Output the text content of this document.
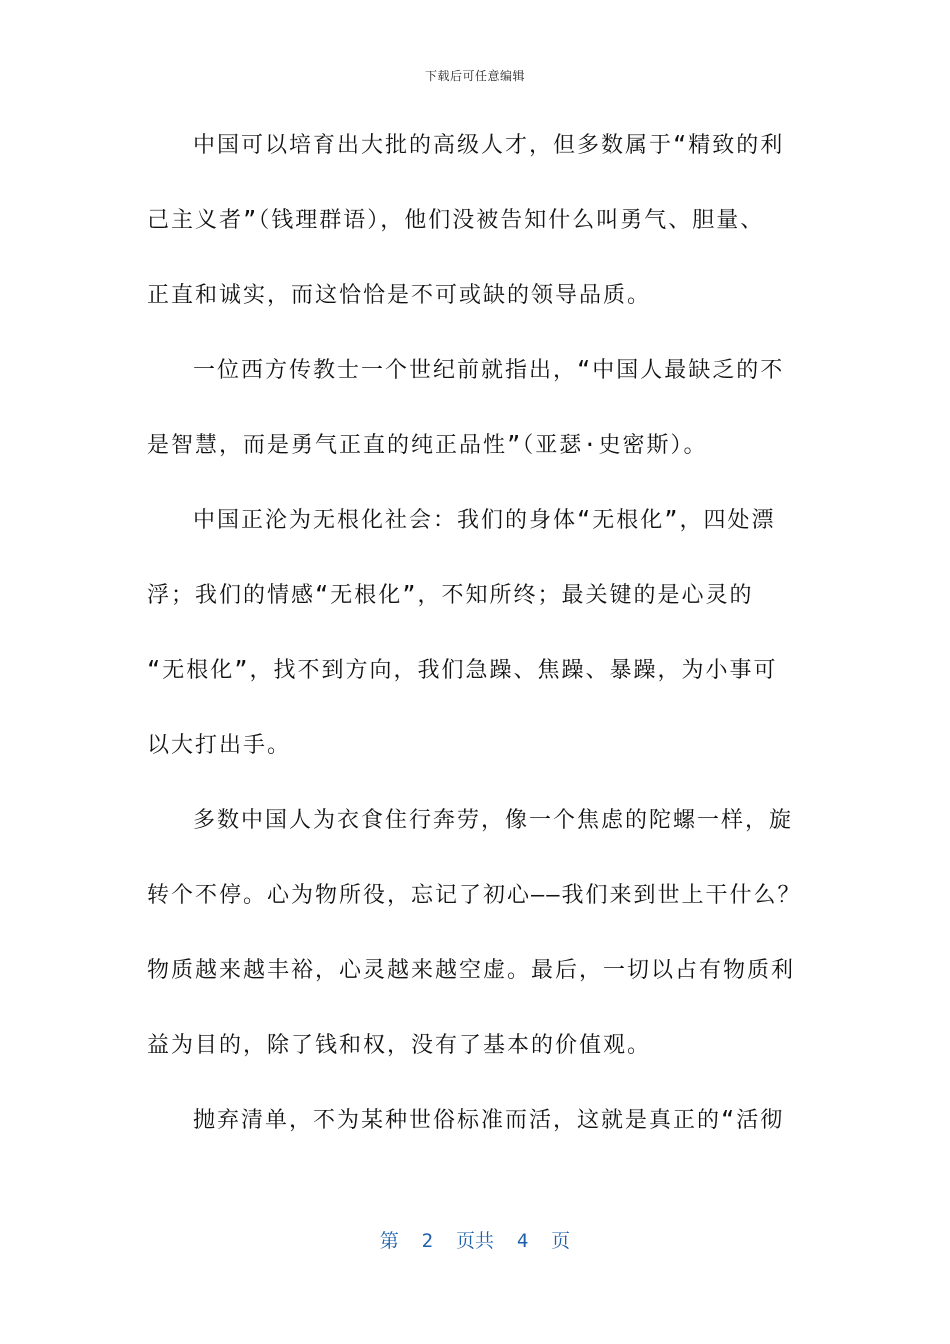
下载后可任意编辑
中国可以培育出大批的高级人才，但多数属于“精致的利
己主义者”（钱理群语），他们没被告知什么叫勇气、胆量、
正直和诚实，而这恰恰是不可或缺的领导品质。
一位西方传教士一个世纪前就指出，“中国人最缺乏的不
是智慧，而是勇气正直的纯正品性”（亚瑟·史密斯）。
中国正沦为无根化社会：我们的身体“无根化”，四处漂
浮；我们的情感“无根化”，不知所终；最关键的是心灵的
“无根化”，找不到方向，我们急躁、焦躁、暴躁，为小事可
以大打出手。
多数中国人为衣食住行奔劳，像一个焦虑的陀螺一样，旋
转个不停。心为物所役，忘记了初心——我们来到世上干什么？
物质越来越丰裕，心灵越来越空虚。最后，一切以占有物质利
益为目的，除了钱和权，没有了基本的价值观。
抛弃清单，不为某种世俗标准而活，这就是真正的“活彻
第  2  页共  4  页
